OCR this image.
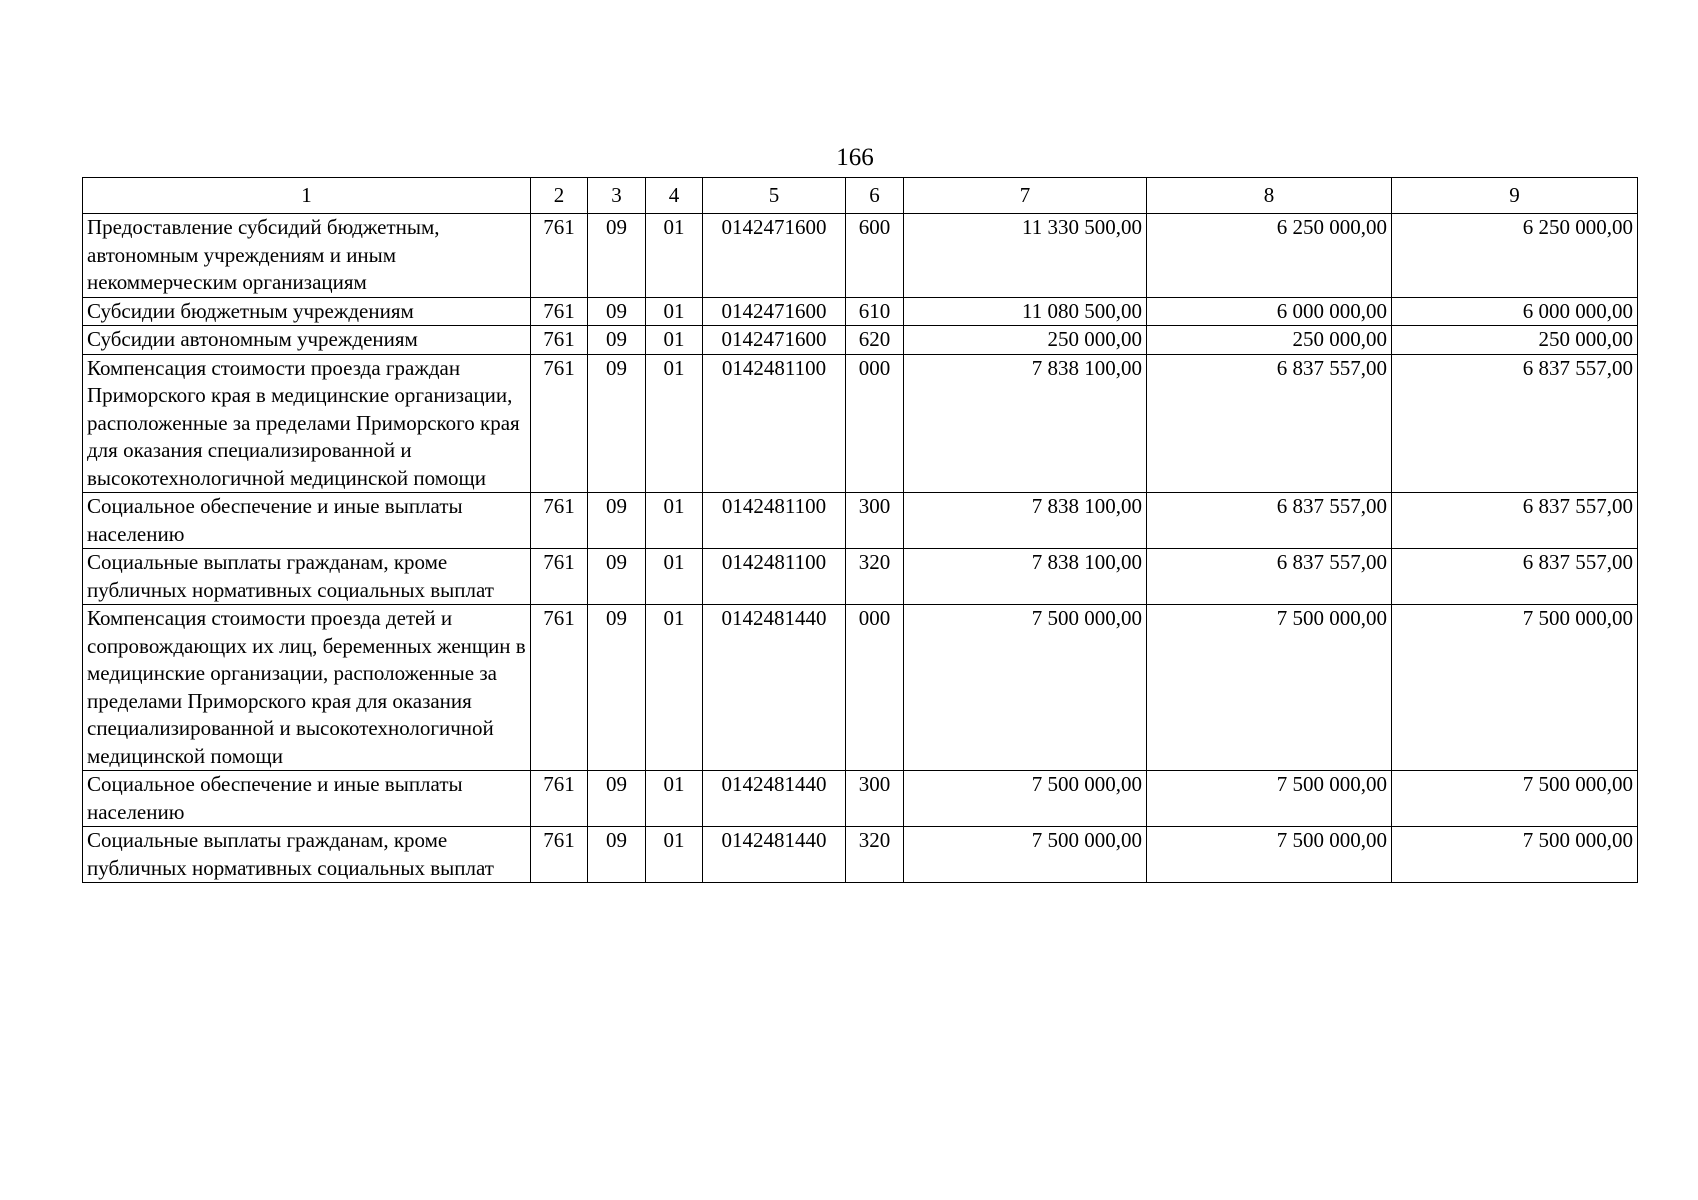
166
1	2	3	4	5	6	7	8	9
Предоставление субсидий бюджетным, автономным учреждениям и иным некоммерческим организациям	761	09	01	0142471600	600	11 330 500,00	6 250 000,00	6 250 000,00
Субсидии бюджетным учреждениям	761	09	01	0142471600	610	11 080 500,00	6 000 000,00	6 000 000,00
Субсидии автономным учреждениям	761	09	01	0142471600	620	250 000,00	250 000,00	250 000,00
Компенсация стоимости проезда граждан Приморского края в медицинские организации, расположенные за пределами Приморского края для оказания специализированной и высокотехнологичной медицинской помощи	761	09	01	0142481100	000	7 838 100,00	6 837 557,00	6 837 557,00
Социальное обеспечение и иные выплаты населению	761	09	01	0142481100	300	7 838 100,00	6 837 557,00	6 837 557,00
Социальные выплаты гражданам, кроме публичных нормативных социальных выплат	761	09	01	0142481100	320	7 838 100,00	6 837 557,00	6 837 557,00
Компенсация стоимости проезда детей и сопровождающих их лиц, беременных женщин в медицинские организации, расположенные за пределами Приморского края для оказания специализированной и высокотехнологичной медицинской помощи	761	09	01	0142481440	000	7 500 000,00	7 500 000,00	7 500 000,00
Социальное обеспечение и иные выплаты населению	761	09	01	0142481440	300	7 500 000,00	7 500 000,00	7 500 000,00
Социальные выплаты гражданам, кроме публичных нормативных социальных выплат	761	09	01	0142481440	320	7 500 000,00	7 500 000,00	7 500 000,00
